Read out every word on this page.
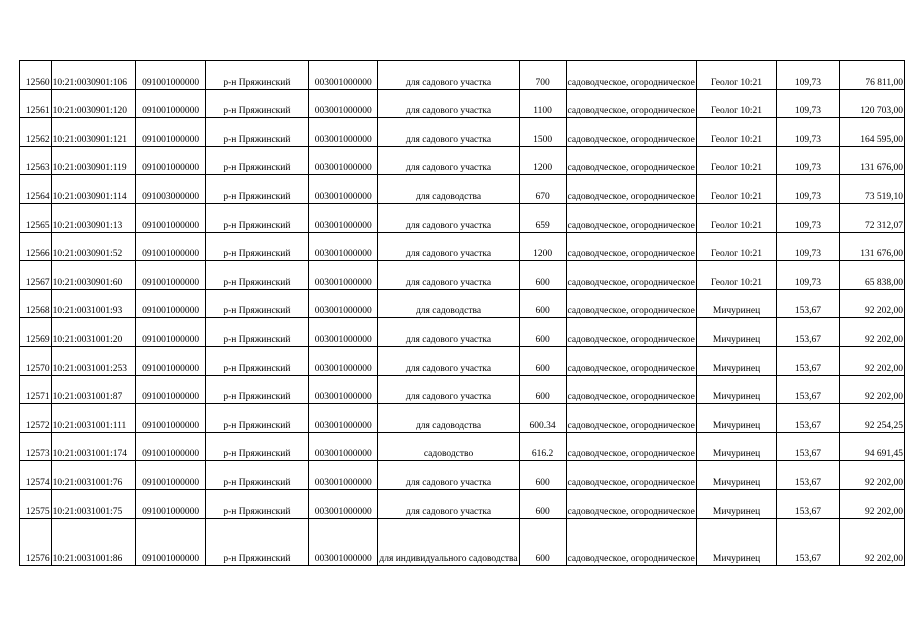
12560	10:21:0030901:106	091001000000	р-н Пряжинский	003001000000	для садового участка	700	садоводческое, огородническое	Геолог 10:21	109,73	76 811,00
12561	10:21:0030901:120	091001000000	р-н Пряжинский	003001000000	для садового участка	1100	садоводческое, огородническое	Геолог 10:21	109,73	120 703,00
12562	10:21:0030901:121	091001000000	р-н Пряжинский	003001000000	для садового участка	1500	садоводческое, огородническое	Геолог 10:21	109,73	164 595,00
12563	10:21:0030901:119	091001000000	р-н Пряжинский	003001000000	для садового участка	1200	садоводческое, огородническое	Геолог 10:21	109,73	131 676,00
12564	10:21:0030901:114	091003000000	р-н Пряжинский	003001000000	для садоводства	670	садоводческое, огородническое	Геолог 10:21	109,73	73 519,10
12565	10:21:0030901:13	091001000000	р-н Пряжинский	003001000000	для садового участка	659	садоводческое, огородническое	Геолог 10:21	109,73	72 312,07
12566	10:21:0030901:52	091001000000	р-н Пряжинский	003001000000	для садового участка	1200	садоводческое, огородническое	Геолог 10:21	109,73	131 676,00
12567	10:21:0030901:60	091001000000	р-н Пряжинский	003001000000	для садового участка	600	садоводческое, огородническое	Геолог 10:21	109,73	65 838,00
12568	10:21:0031001:93	091001000000	р-н Пряжинский	003001000000	для садоводства	600	садоводческое, огородническое	Мичуринец	153,67	92 202,00
12569	10:21:0031001:20	091001000000	р-н Пряжинский	003001000000	для садового участка	600	садоводческое, огородническое	Мичуринец	153,67	92 202,00
12570	10:21:0031001:253	091001000000	р-н Пряжинский	003001000000	для садового участка	600	садоводческое, огородническое	Мичуринец	153,67	92 202,00
12571	10:21:0031001:87	091001000000	р-н Пряжинский	003001000000	для садового участка	600	садоводческое, огородническое	Мичуринец	153,67	92 202,00
12572	10:21:0031001:111	091001000000	р-н Пряжинский	003001000000	для садоводства	600.34	садоводческое, огородническое	Мичуринец	153,67	92 254,25
12573	10:21:0031001:174	091001000000	р-н Пряжинский	003001000000	садоводство	616.2	садоводческое, огородническое	Мичуринец	153,67	94 691,45
12574	10:21:0031001:76	091001000000	р-н Пряжинский	003001000000	для садового участка	600	садоводческое, огородническое	Мичуринец	153,67	92 202,00
12575	10:21:0031001:75	091001000000	р-н Пряжинский	003001000000	для садового участка	600	садоводческое, огородническое	Мичуринец	153,67	92 202,00
12576	10:21:0031001:86	091001000000	р-н Пряжинский	003001000000	для индивидуального садоводства	600	садоводческое, огородническое	Мичуринец	153,67	92 202,00
